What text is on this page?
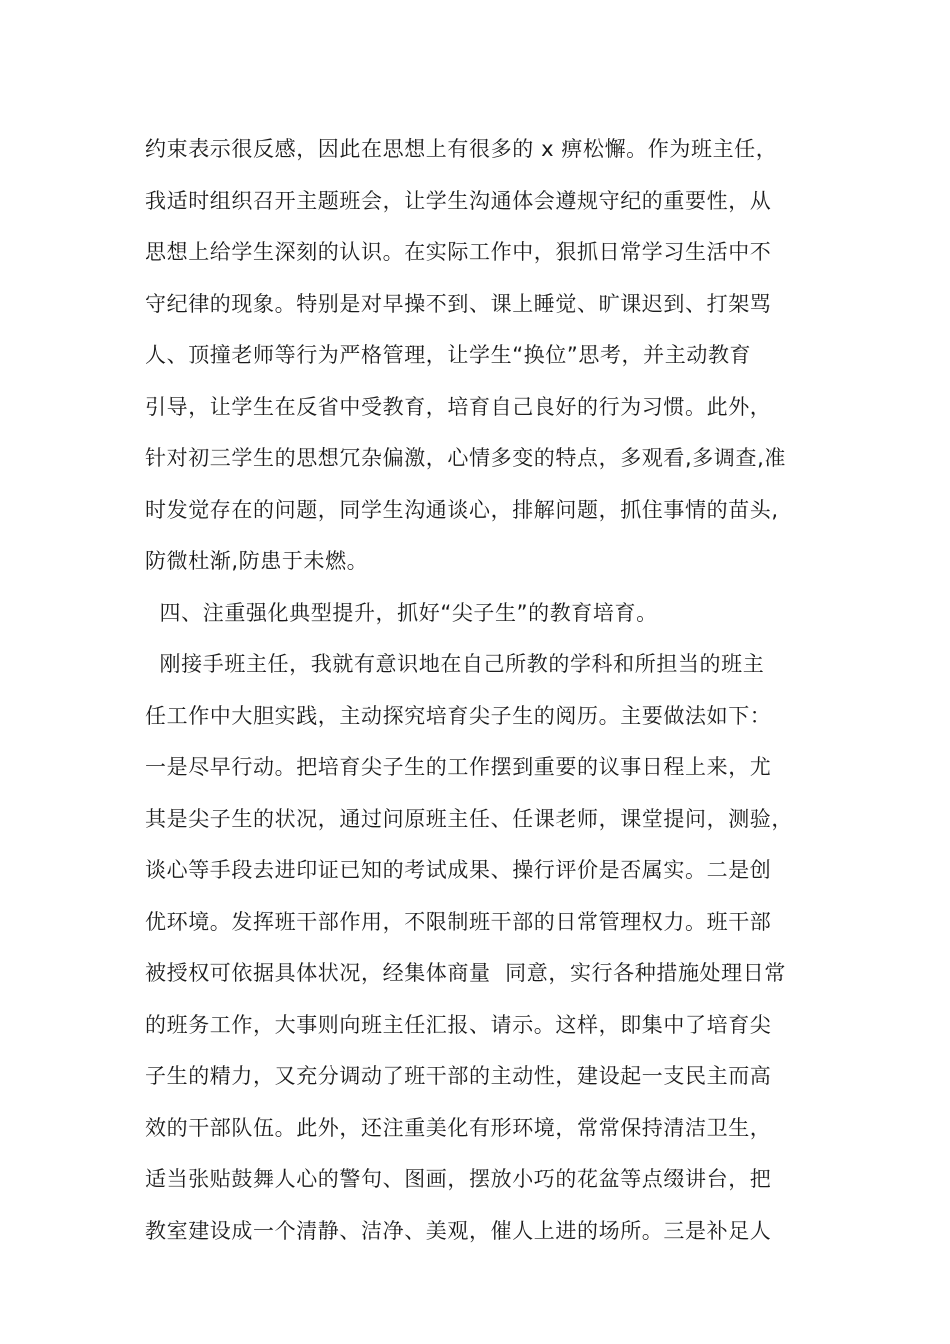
约束表示很反感，因此在思想上有很多的 x 痹松懈。作为班主任，
我适时组织召开主题班会，让学生沟通体会遵规守纪的重要性，从
思想上给学生深刻的认识。在实际工作中，狠抓日常学习生活中不
守纪律的现象。特别是对早操不到、课上睡觉、旷课迟到、打架骂
人、顶撞老师等行为严格管理，让学生“换位”思考，并主动教育
引导，让学生在反省中受教育，培育自己良好的行为习惯。此外，
针对初三学生的思想冗杂偏激，心情多变的特点，多观看,多调查,准
时发觉存在的问题，同学生沟通谈心，排解问题，抓住事情的苗头,
防微杜渐,防患于未燃。
四、注重强化典型提升，抓好“尖子生”的教育培育。
刚接手班主任，我就有意识地在自己所教的学科和所担当的班主
任工作中大胆实践，主动探究培育尖子生的阅历。主要做法如下：
一是尽早行动。把培育尖子生的工作摆到重要的议事日程上来，尤
其是尖子生的状况，通过问原班主任、任课老师，课堂提问，测验，
谈心等手段去进印证已知的考试成果、操行评价是否属实。二是创
优环境。发挥班干部作用，不限制班干部的日常管理权力。班干部
被授权可依据具体状况，经集体商量  同意，实行各种措施处理日常
的班务工作，大事则向班主任汇报、请示。这样，即集中了培育尖
子生的精力，又充分调动了班干部的主动性，建设起一支民主而高
效的干部队伍。此外，还注重美化有形环境，常常保持清洁卫生，
适当张贴鼓舞人心的警句、图画，摆放小巧的花盆等点缀讲台，把
教室建设成一个清静、洁净、美观，催人上进的场所。三是补足人
